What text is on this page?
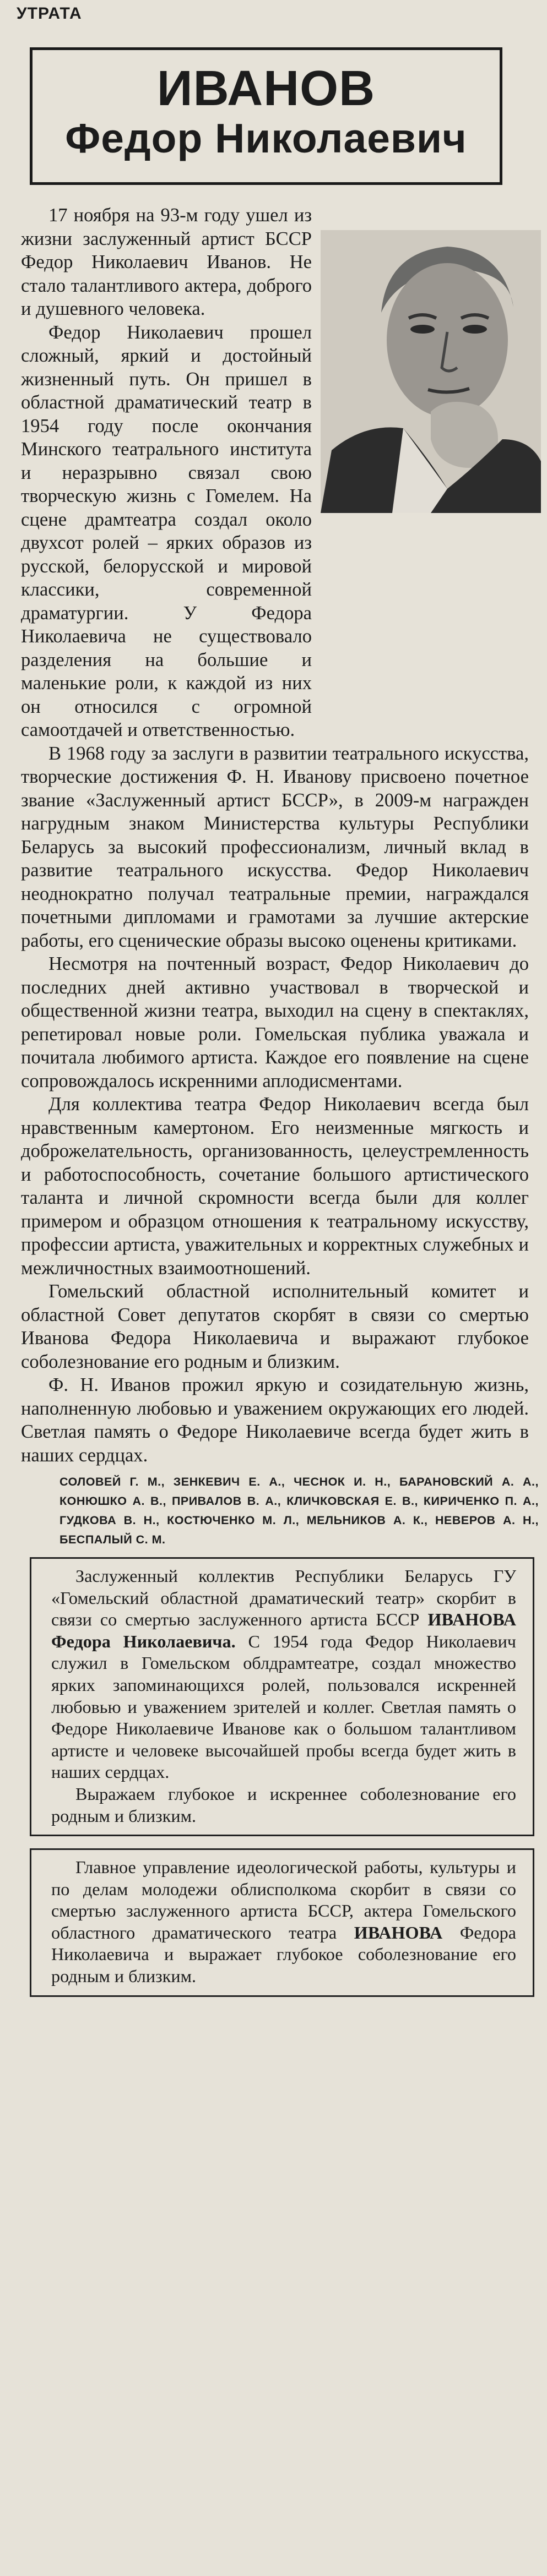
УТРАТА
ИВАНОВ
Федор Николаевич

17 ноября на 93-м году ушел из жизни заслуженный артист БССР Федор Николаевич Иванов. Не стало талантливого актера, доброго и душевного человека.

Федор Николаевич прошел сложный, яркий и достойный жизненный путь. Он пришел в областной драматический театр в 1954 году после окончания Минского театрального института и неразрывно связал свою творческую жизнь с Гомелем. На сцене драмтеатра создал около двухсот ролей – ярких образов из русской, белорусской и мировой классики, современной драматургии. У Федора Николаевича не существовало разделения на большие и маленькие роли, к каждой из них он относился с огромной самоотдачей и ответственностью.

В 1968 году за заслуги в развитии театрального искусства, творческие достижения Ф. Н. Иванову присвоено почетное звание «Заслуженный артист БССР», в 2009-м награжден нагрудным знаком Министерства культуры Республики Беларусь за высокий профессионализм, личный вклад в развитие театрального искусства. Федор Николаевич неоднократно получал театральные премии, награждался почетными дипломами и грамотами за лучшие актерские работы, его сценические образы высоко оценены критиками.

Несмотря на почтенный возраст, Федор Николаевич до последних дней активно участвовал в творческой и общественной жизни театра, выходил на сцену в спектаклях, репетировал новые роли. Гомельская публика уважала и почитала любимого артиста. Каждое его появление на сцене сопровождалось искренними аплодисментами.

Для коллектива театра Федор Николаевич всегда был нравственным камертоном. Его неизменные мягкость и доброжелательность, организованность, целеустремленность и работоспособность, сочетание большого артистического таланта и личной скромности всегда были для коллег примером и образцом отношения к театральному искусству, профессии артиста, уважительных и корректных служебных и межличностных взаимоотношений.

Гомельский областной исполнительный комитет и областной Совет депутатов скорбят в связи со смертью Иванова Федора Николаевича и выражают глубокое соболезнование его родным и близким.

Ф. Н. Иванов прожил яркую и созидательную жизнь, наполненную любовью и уважением окружающих его людей. Светлая память о Федоре Николаевиче всегда будет жить в наших сердцах.

СОЛОВЕЙ Г. М., ЗЕНКЕВИЧ Е. А., ЧЕСНОК И. Н., БАРАНОВСКИЙ А. А., КОНЮШКО А. В., ПРИВАЛОВ В. А., КЛИЧКОВСКАЯ Е. В., КИРИЧЕНКО П. А., ГУДКОВА В. Н., КОСТЮЧЕНКО М. Л., МЕЛЬНИКОВ А. К., НЕВЕРОВ А. Н., БЕСПАЛЫЙ С. М.

Заслуженный коллектив Республики Беларусь ГУ «Гомельский областной драматический театр» скорбит в связи со смертью заслуженного артиста БССР ИВАНОВА Федора Николаевича. С 1954 года Федор Николаевич служил в Гомельском облдрамтеатре, создал множество ярких запоминающихся ролей, пользовался искренней любовью и уважением зрителей и коллег. Светлая память о Федоре Николаевиче Иванове как о большом талантливом артисте и человеке высочайшей пробы всегда будет жить в наших сердцах.

Выражаем глубокое и искреннее соболезнование его родным и близким.

Главное управление идеологической работы, культуры и по делам молодежи облисполкома скорбит в связи со смертью заслуженного артиста БССР, актера Гомельского областного драматического театра ИВАНОВА Федора Николаевича и выражает глубокое соболезнование его родным и близким.
